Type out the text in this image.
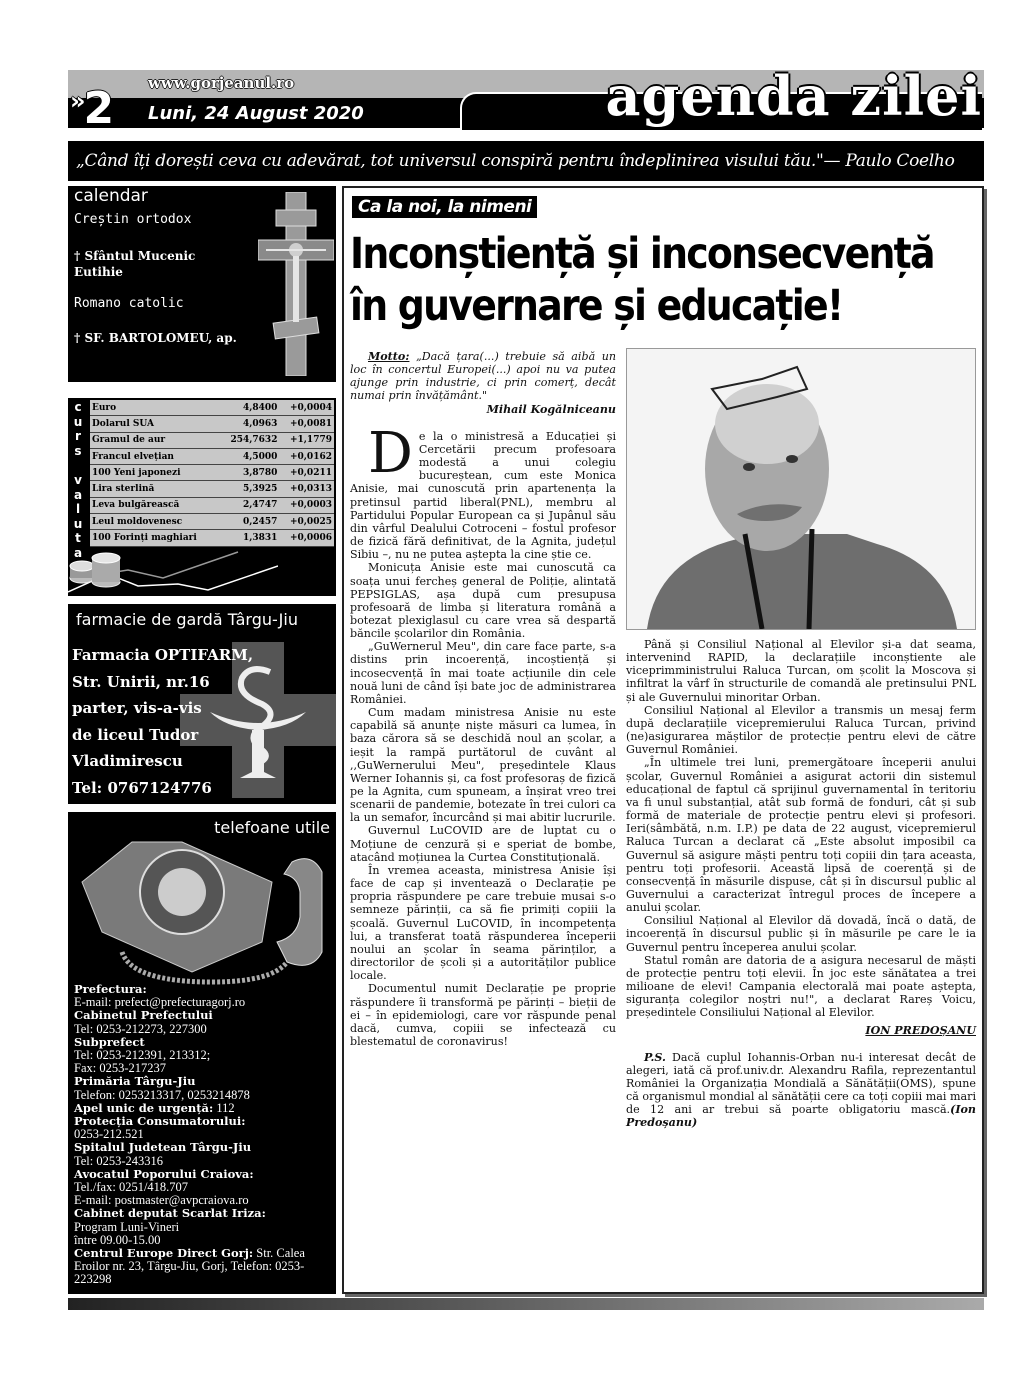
»2 www.gorjeanul.ro
Luni, 24 August 2020	agenda zilei
„Când îți dorești ceva cu adevărat, tot universul conspiră pentru îndeplinirea visului tău."— Paulo Coelho
calendar
Creștin ortodox
† Sfântul Mucenic Eutihie
Romano catolic
† SF. BARTOLOMEU, ap.
c
u
r
s

v
a
l
u
t
a
Euro	4,8400	+0,0004
Dolarul SUA	4,0963	+0,0081
Gramul de aur	254,7632	+1,1779
Francul elvețian	4,5000	+0,0162
100 Yeni japonezi	3,8780	+0,0211
Lira sterlină	5,3925	+0,0313
Leva bulgărească	2,4747	+0,0003
Leul moldovenesc	0,2457	+0,0025
100 Forinți maghiari	1,3831	+0,0006
farmacie de gardă Târgu-Jiu
Farmacia OPTIFARM,
Str. Unirii, nr.16
parter, vis-a-vis
de liceul Tudor
Vladimirescu
Tel: 0767124776
telefoane utile
Prefectura:
E-mail: prefect@prefecturagorj.ro
Cabinetul Prefectului
Tel: 0253-212273, 227300
Subprefect
Tel: 0253-212391, 213312;
Fax: 0253-217237
Primăria Târgu-Jiu
Telefon: 0253213317, 0253214878
Apel unic de urgență: 112
Protecția Consumatorului:
0253-212.521
Spitalul Judetean Târgu-Jiu
Tel: 0253-243316
Avocatul Poporului Craiova:
Tel./fax: 0251/418.707
E-mail: postmaster@avpcraiova.ro
Cabinet deputat Scarlat Iriza:
Program Luni-Vineri
între 09.00-15.00
Centrul Europe Direct Gorj: Str. Calea Eroilor nr. 23, Târgu-Jiu, Gorj, Telefon: 0253-223298
Ca la noi, la nimeni
Inconștiență și inconsecvență în guvernare și educație!

Motto: „Dacă țara(...) trebuie să aibă un loc în concertul Europei(...) apoi nu va putea ajunge prin industrie, ci prin comerț, decât numai prin învățământ."

Mihail Kogălniceanu

De la o ministresă a Educației și Cercetării precum profesoara modestă a unui colegiu bucureștean, cum este Monica Anisie, mai cunoscută prin apartenența la pretinsul partid liberal(PNL), membru al Partidului Popular European ca și Jupânul său din vârful Dealului Cotroceni – fostul profesor de fizică fără definitivat, de la Agnita, județul Sibiu –, nu ne putea aștepta la cine știe ce.

Monicuța Anisie este mai cunoscută ca soața unui fercheș general de Poliție, alintată PEPSIGLAS, așa după cum presupusa profesoară de limba și literatura română a botezat plexiglasul cu care vrea să despartă băncile școlarilor din România.

„GuWernerul Meu", din care face parte, s-a distins prin incoerență, incoștiență și incosecvență în mai toate acțiunile din cele nouă luni de când își bate joc de administrarea României.

Cum madam ministresa Anisie nu este capabilă să anunțe niște măsuri ca lumea, în baza cărora să se deschidă noul an școlar, a ieșit la rampă purtătorul de cuvânt al ,,GuWernerului Meu", președintele Klaus Werner Iohannis și, ca fost profesoraș de fizică pe la Agnita, cum spuneam, a înșirat vreo trei scenarii de pandemie, botezate în trei culori ca la un semafor, încurcând și mai abitir lucrurile.

Guvernul LuCOVID are de luptat cu o Moțiune de cenzură și e speriat de bombe, atacând moțiunea la Curtea Constituțională.

În vremea aceasta, ministresa Anisie își face de cap și inventează o Declarație pe propria răspundere pe care trebuie musai s-o semneze părinții, ca să fie primiți copiii la școală. Guvernul LuCOVID, în incompetența lui, a transferat toată răspunderea începerii noului an școlar în seama părinților, a directorilor de școli și a autorităților publice locale.

Documentul numit Declarație pe proprie răspundere îi transformă pe părinți – bieții de ei – în epidemiologi, care vor răspunde penal dacă, cumva, copiii se infectează cu blestematul de coronavirus!

Până și Consiliul Național al Elevilor și-a dat seama, intervenind RAPID, la declarațiile inconștiente ale viceprimministrului Raluca Turcan, om școlit la Moscova și infiltrat la vârf în structurile de comandă ale pretinsului PNL și ale Guvernului minoritar Orban.

Consiliul Național al Elevilor a transmis un mesaj ferm după declarațiile vicepremierului Raluca Turcan, privind (ne)asigurarea măștilor de protecție pentru elevi de către Guvernul României.

„În ultimele trei luni, premergătoare începerii anului școlar, Guvernul României a asigurat actorii din sistemul educațional de faptul că sprijinul guvernamental în teritoriu va fi unul substanțial, atât sub formă de fonduri, cât și sub formă de materiale de protecție pentru elevi și profesori. Ieri(sâmbătă, n.m. I.P.) pe data de 22 august, vicepremierul Raluca Turcan a declarat că „Este absolut imposibil ca Guvernul să asigure măști pentru toți copiii din țara aceasta, pentru toți profesorii. Această lipsă de coerență și de consecvență în măsurile dispuse, cât și în discursul public al Guvernului a caracterizat întregul proces de începere a anului școlar.

Consiliul Național al Elevilor dă dovadă, încă o dată, de incoerență în discursul public și în măsurile pe care le ia Guvernul pentru începerea anului școlar.

Statul român are datoria de a asigura necesarul de măști de protecție pentru toți elevii. În joc este sănătatea a trei milioane de elevi! Campania electorală mai poate aștepta, siguranța colegilor noștri nu!", a declarat Rareș Voicu, președintele Consiliului Național al Elevilor.

ION PREDOȘANU

P.S. Dacă cuplul Iohannis-Orban nu-i interesat decât de alegeri, iată că prof.univ.dr. Alexandru Rafila, reprezentantul României la Organizația Mondială a Sănătății(OMS), spune că organismul mondial al sănătății cere ca toți copiii mai mari de 12 ani ar trebui să poarte obligatoriu mască.(Ion Predoșanu)
